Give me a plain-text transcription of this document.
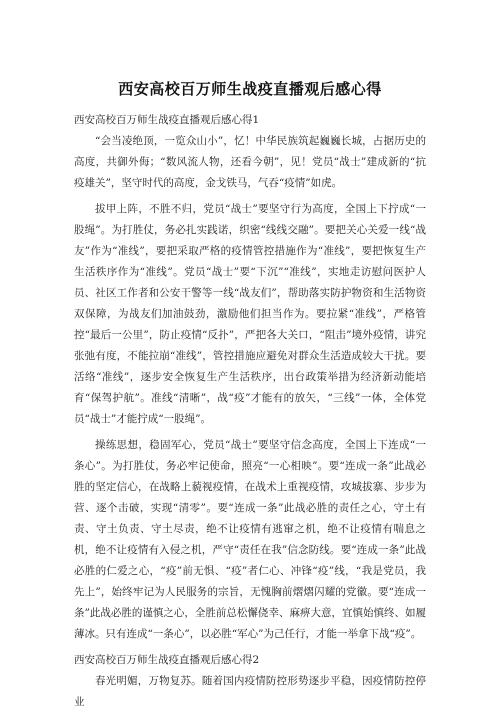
西安高校百万师生战疫直播观后感心得

西安高校百万师生战疫直播观后感心得1

“会当凌绝顶，一览众山小”，忆！中华民族筑起巍巍长城，占据历史的高度，共御外侮；“数风流人物，还看今朝”，见！党员“战士”建成新的“抗疫雄关”，坚守时代的高度，金戈铁马，气吞“疫情”如虎。

拔甲上阵，不胜不归，党员“战士”要坚守行为高度，全国上下拧成“一股绳”。为打胜仗，务必扎实践诺，织密“线线交融”。要把关心关爱一线“战友”作为“准线”，要把采取严格的疫情管控措施作为“准线”，要把恢复生产生活秩序作为“准线”。党员“战士”要“下沉”“准线”，实地走访慰问医护人员、社区工作者和公安干警等一线“战友们”，帮助落实防护物资和生活物资双保障，为战友们加油鼓劲，激励他们担当作为。要拉紧“准线”，严格管控“最后一公里”，防止疫情“反扑”，严把各大关口，“阻击”境外疫情，讲究张弛有度，不能拉崩“准线”，管控措施应避免对群众生活造成较大干扰。要活络“准线”，逐步安全恢复生产生活秩序，出台政策举措为经济新动能培育“保驾护航”。准线“清晰”，战“疫”才能有的放矢，“三线”一体，全体党员“战士”才能拧成“一股绳”。

操练思想，稳固军心，党员“战士”要坚守信念高度，全国上下连成“一条心”。为打胜仗，务必牢记使命，照亮“一心相映”。要“连成一条”此战必胜的坚定信心，在战略上藐视疫情，在战术上重视疫情，攻城拔寨、步步为营、逐个击破，实现“清零”。要“连成一条”此战必胜的责任之心，守土有责、守土负责、守土尽责，绝不让疫情有逃窜之机，绝不让疫情有喘息之机，绝不让疫情有入侵之机，严守“责任在我”信念防线。要“连成一条”此战必胜的仁爱之心，“疫”前无惧、“疫”者仁心、冲锋“疫”线，“我是党员，我先上”，始终牢记为人民服务的宗旨，无愧胸前熠熠闪耀的党徽。要“连成一条”此战必胜的谨慎之心，全胜前总松懈侥幸、麻痹大意，宜慎始慎终、如履薄冰。只有连成“一条心”，以必胜“军心”为己任行，才能一举拿下战“疫”。

西安高校百万师生战疫直播观后感心得2

春光明媚，万物复苏。随着国内疫情防控形势逐步平稳，因疫情防控停业
